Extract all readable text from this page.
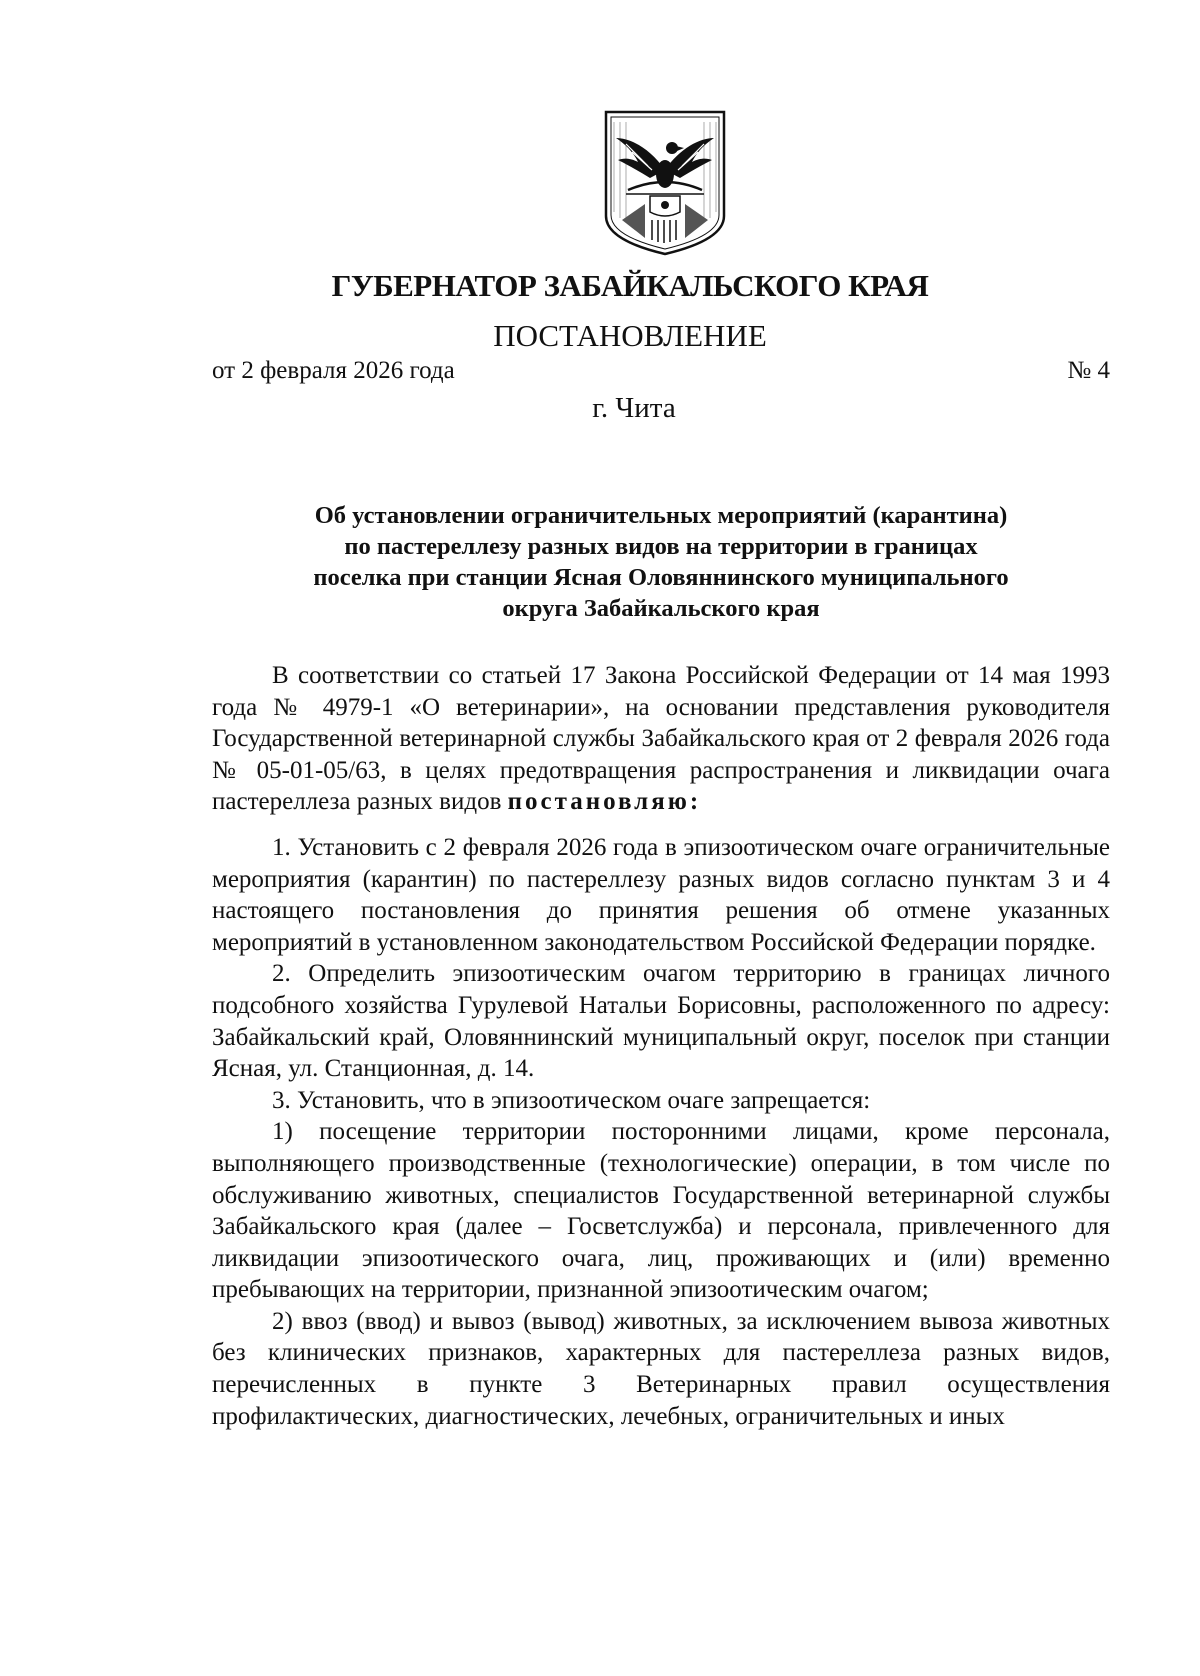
ГУБЕРНАТОР ЗАБАЙКАЛЬСКОГО КРАЯ
ПОСТАНОВЛЕНИЕ
от 2 февраля 2026 года	№ 4
г. Чита
Об установлении ограничительных мероприятий (карантина)
по пастереллезу разных видов на территории в границах
поселка при станции Ясная Оловяннинского муниципального
округа Забайкальского края

В соответствии со статьей 17 Закона Российской Федерации от 14 мая 1993 года № 4979-1 «О ветеринарии», на основании представления руководителя Государственной ветеринарной службы Забайкальского края от 2 февраля 2026 года № 05-01-05/63, в целях предотвращения распространения и ликвидации очага пастереллеза разных видов постановляю:

1. Установить с 2 февраля 2026 года в эпизоотическом очаге ограничительные мероприятия (карантин) по пастереллезу разных видов согласно пунктам 3 и 4 настоящего постановления до принятия решения об отмене указанных мероприятий в установленном законодательством Российской Федерации порядке.

2. Определить эпизоотическим очагом территорию в границах личного подсобного хозяйства Гурулевой Натальи Борисовны, расположенного по адресу: Забайкальский край, Оловяннинский муниципальный округ, поселок при станции Ясная, ул. Станционная, д. 14.

3. Установить, что в эпизоотическом очаге запрещается:

1) посещение территории посторонними лицами, кроме персонала, выполняющего производственные (технологические) операции, в том числе по обслуживанию животных, специалистов Государственной ветеринарной службы Забайкальского края (далее – Госветслужба) и персонала, привлеченного для ликвидации эпизоотического очага, лиц, проживающих и (или) временно пребывающих на территории, признанной эпизоотическим очагом;

2) ввоз (ввод) и вывоз (вывод) животных, за исключением вывоза животных без клинических признаков, характерных для пастереллеза разных видов, перечисленных в пункте 3 Ветеринарных правил осуществления профилактических, диагностических, лечебных, ограничительных и иных
